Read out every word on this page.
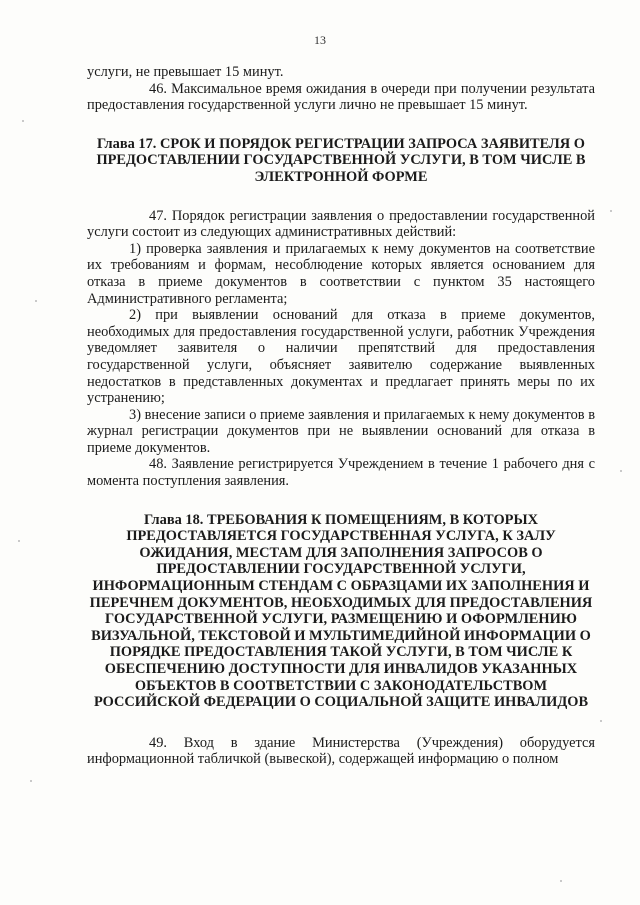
13

услуги, не превышает 15 минут.

46. Максимальное время ожидания в очереди при получении результата предоставления государственной услуги лично не превышает 15 минут.

Глава 17. СРОК И ПОРЯДОК РЕГИСТРАЦИИ ЗАПРОСА ЗАЯВИТЕЛЯ О ПРЕДОСТАВЛЕНИИ ГОСУДАРСТВЕННОЙ УСЛУГИ, В ТОМ ЧИСЛЕ В ЭЛЕКТРОННОЙ ФОРМЕ

47. Порядок регистрации заявления о предоставлении государственной услуги состоит из следующих административных действий:

1) проверка заявления и прилагаемых к нему документов на соответствие их требованиям и формам, несоблюдение которых является основанием для отказа в приеме документов в соответствии с пунктом 35 настоящего Административного регламента;

2) при выявлении оснований для отказа в приеме документов, необходимых для предоставления государственной услуги, работник Учреждения уведомляет заявителя о наличии препятствий для предоставления государственной услуги, объясняет заявителю содержание выявленных недостатков в представленных документах и предлагает принять меры по их устранению;

3) внесение записи о приеме заявления и прилагаемых к нему документов в журнал регистрации документов при не выявлении оснований для отказа в приеме документов.

48. Заявление регистрируется Учреждением в течение 1 рабочего дня с момента поступления заявления.

Глава 18. ТРЕБОВАНИЯ К ПОМЕЩЕНИЯМ, В КОТОРЫХ ПРЕДОСТАВЛЯЕТСЯ ГОСУДАРСТВЕННАЯ УСЛУГА, К ЗАЛУ ОЖИДАНИЯ, МЕСТАМ ДЛЯ ЗАПОЛНЕНИЯ ЗАПРОСОВ О ПРЕДОСТАВЛЕНИИ ГОСУДАРСТВЕННОЙ УСЛУГИ, ИНФОРМАЦИОННЫМ СТЕНДАМ С ОБРАЗЦАМИ ИХ ЗАПОЛНЕНИЯ И ПЕРЕЧНЕМ ДОКУМЕНТОВ, НЕОБХОДИМЫХ ДЛЯ ПРЕДОСТАВЛЕНИЯ ГОСУДАРСТВЕННОЙ УСЛУГИ, РАЗМЕЩЕНИЮ И ОФОРМЛЕНИЮ ВИЗУАЛЬНОЙ, ТЕКСТОВОЙ И МУЛЬТИМЕДИЙНОЙ ИНФОРМАЦИИ О ПОРЯДКЕ ПРЕДОСТАВЛЕНИЯ ТАКОЙ УСЛУГИ, В ТОМ ЧИСЛЕ К ОБЕСПЕЧЕНИЮ ДОСТУПНОСТИ ДЛЯ ИНВАЛИДОВ УКАЗАННЫХ ОБЪЕКТОВ В СООТВЕТСТВИИ С ЗАКОНОДАТЕЛЬСТВОМ РОССИЙСКОЙ ФЕДЕРАЦИИ О СОЦИАЛЬНОЙ ЗАЩИТЕ ИНВАЛИДОВ

49. Вход в здание Министерства (Учреждения) оборудуется информационной табличкой (вывеской), содержащей информацию о полном
